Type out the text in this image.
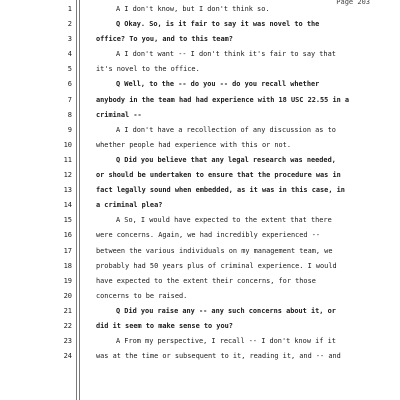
Page 203
1	A I don't know, but I don't think so.
2	Q Okay. So, is it fair to say it was novel to the
3	office? To you, and to this team?
4	A I don't want -- I don't think it's fair to say that
5	it's novel to the office.
6	Q Well, to the -- do you -- do you recall whether
7	anybody in the team had had experience with 18 USC 22.55 in a
8	criminal --
9	A I don't have a recollection of any discussion as to
10	whether people had experience with this or not.
11	Q Did you believe that any legal research was needed,
12	or should be undertaken to ensure that the procedure was in
13	fact legally sound when embedded, as it was in this case, in
14	a criminal plea?
15	A So, I would have expected to the extent that there
16	were concerns. Again, we had incredibly experienced --
17	between the various individuals on my management team, we
18	probably had 50 years plus of criminal experience. I would
19	have expected to the extent their concerns, for those
20	concerns to be raised.
21	Q Did you raise any -- any such concerns about it, or
22	did it seem to make sense to you?
23	A From my perspective, I recall -- I don't know if it
24	was at the time or subsequent to it, reading it, and -- and
